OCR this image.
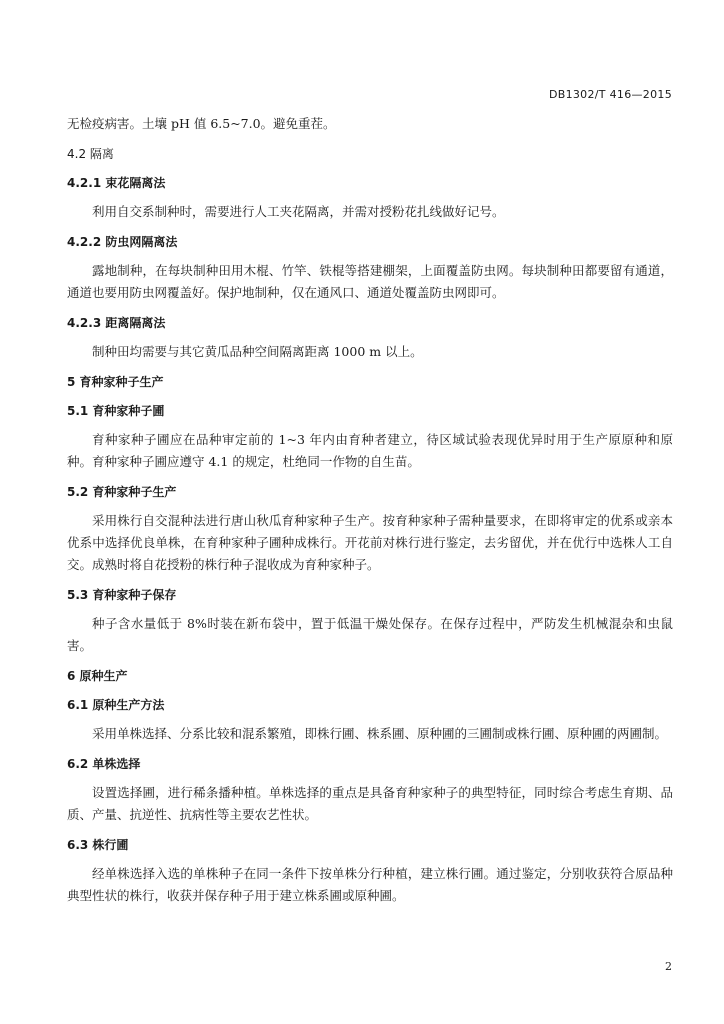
DB1302/T 416—2015

无检疫病害。土壤 pH 值 6.5~7.0。避免重茬。

4.2 隔离
4.2.1 束花隔离法

利用自交系制种时，需要进行人工夹花隔离，并需对授粉花扎线做好记号。

4.2.2 防虫网隔离法

露地制种，在每块制种田用木棍、竹竿、铁棍等搭建棚架，上面覆盖防虫网。每块制种田都要留有通道，通道也要用防虫网覆盖好。保护地制种，仅在通风口、通道处覆盖防虫网即可。

4.2.3 距离隔离法

制种田均需要与其它黄瓜品种空间隔离距离 1000 m 以上。

5 育种家种子生产
5.1 育种家种子圃

育种家种子圃应在品种审定前的 1~3 年内由育种者建立，待区域试验表现优异时用于生产原原种和原种。育种家种子圃应遵守 4.1 的规定，杜绝同一作物的自生苗。

5.2 育种家种子生产

采用株行自交混种法进行唐山秋瓜育种家种子生产。按育种家种子需种量要求，在即将审定的优系或亲本优系中选择优良单株，在育种家种子圃种成株行。开花前对株行进行鉴定，去劣留优，并在优行中选株人工自交。成熟时将自花授粉的株行种子混收成为育种家种子。

5.3 育种家种子保存

种子含水量低于 8%时装在新布袋中，置于低温干燥处保存。在保存过程中，严防发生机械混杂和虫鼠害。

6 原种生产
6.1 原种生产方法

采用单株选择、分系比较和混系繁殖，即株行圃、株系圃、原种圃的三圃制或株行圃、原种圃的两圃制。

6.2 单株选择

设置选择圃，进行稀条播种植。单株选择的重点是具备育种家种子的典型特征，同时综合考虑生育期、品质、产量、抗逆性、抗病性等主要农艺性状。

6.3 株行圃

经单株选择入选的单株种子在同一条件下按单株分行种植，建立株行圃。通过鉴定，分别收获符合原品种典型性状的株行，收获并保存种子用于建立株系圃或原种圃。

2
